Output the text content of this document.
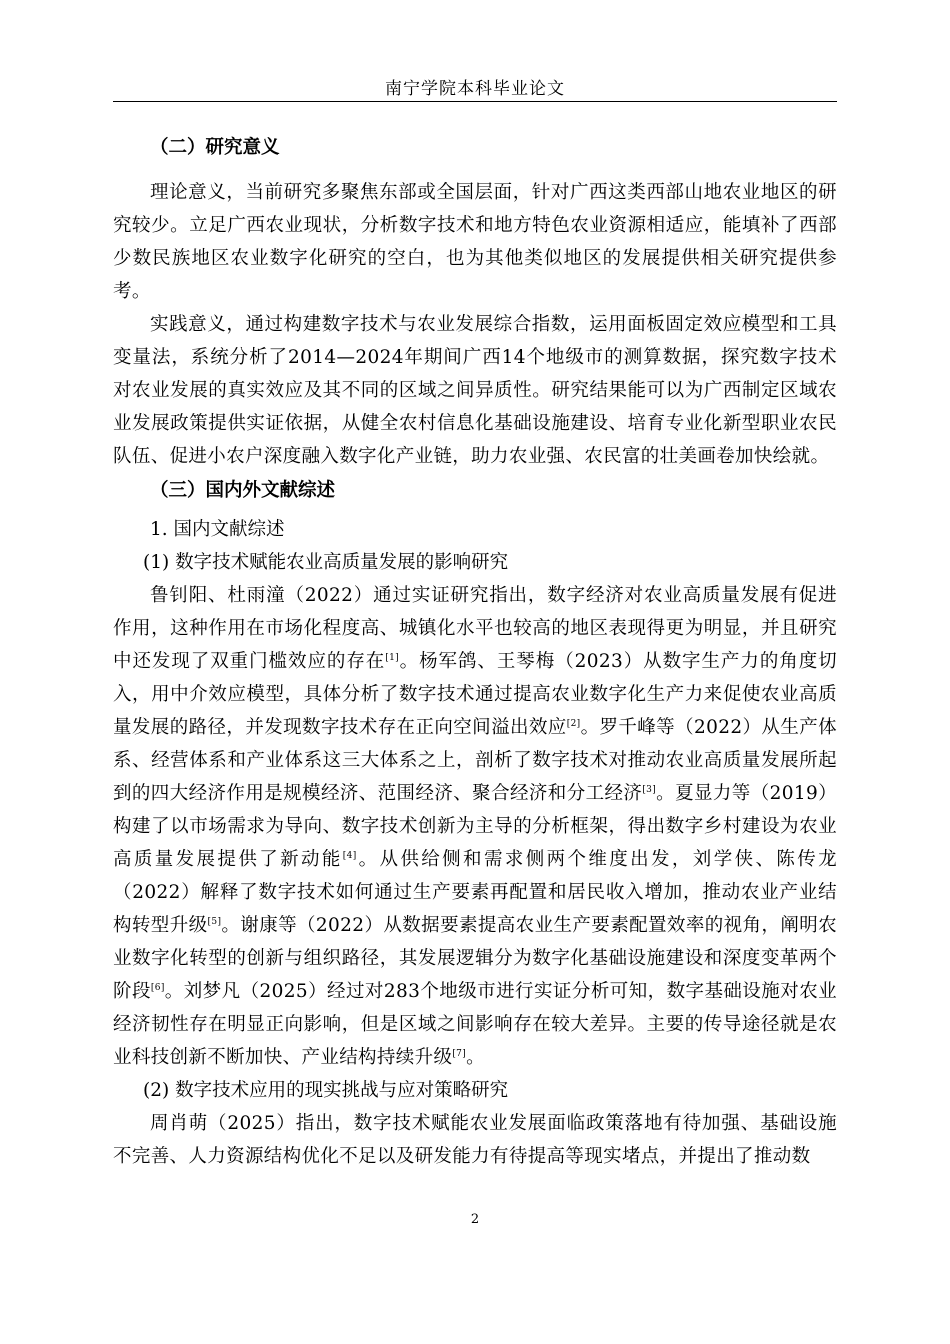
南宁学院本科毕业论文
（二）研究意义

理论意义，当前研究多聚焦东部或全国层面，针对广西这类西部山地农业地区的研究较少。立足广西农业现状，分析数字技术和地方特色农业资源相适应，能填补了西部少数民族地区农业数字化研究的空白，也为其他类似地区的发展提供相关研究提供参考。

实践意义，通过构建数字技术与农业发展综合指数，运用面板固定效应模型和工具变量法，系统分析了2014—2024年期间广西14个地级市的测算数据，探究数字技术对农业发展的真实效应及其不同的区域之间异质性。研究结果能可以为广西制定区域农业发展政策提供实证依据，从健全农村信息化基础设施建设、培育专业化新型职业农民队伍、促进小农户深度融入数字化产业链，助力农业强、农民富的壮美画卷加快绘就。

（三）国内外文献综述
1. 国内文献综述
(1) 数字技术赋能农业高质量发展的影响研究

鲁钊阳、杜雨潼（2022）通过实证研究指出，数字经济对农业高质量发展有促进作用，这种作用在市场化程度高、城镇化水平也较高的地区表现得更为明显，并且研究中还发现了双重门槛效应的存在[1]。杨军鸽、王琴梅（2023）从数字生产力的角度切入，用中介效应模型，具体分析了数字技术通过提高农业数字化生产力来促使农业高质量发展的路径，并发现数字技术存在正向空间溢出效应[2]。罗千峰等（2022）从生产体系、经营体系和产业体系这三大体系之上，剖析了数字技术对推动农业高质量发展所起到的四大经济作用是规模经济、范围经济、聚合经济和分工经济[3]。夏显力等（2019）构建了以市场需求为导向、数字技术创新为主导的分析框架，得出数字乡村建设为农业高质量发展提供了新动能[4]。从供给侧和需求侧两个维度出发，刘学侠、陈传龙（2022）解释了数字技术如何通过生产要素再配置和居民收入增加，推动农业产业结构转型升级[5]。谢康等（2022）从数据要素提高农业生产要素配置效率的视角，阐明农业数字化转型的创新与组织路径，其发展逻辑分为数字化基础设施建设和深度变革两个阶段[6]。刘梦凡（2025）经过对283个地级市进行实证分析可知，数字基础设施对农业经济韧性存在明显正向影响，但是区域之间影响存在较大差异。主要的传导途径就是农业科技创新不断加快、产业结构持续升级[7]。

(2) 数字技术应用的现实挑战与应对策略研究

周肖萌（2025）指出，数字技术赋能农业发展面临政策落地有待加强、基础设施不完善、人力资源结构优化不足以及研发能力有待提高等现实堵点，并提出了推动数

2
